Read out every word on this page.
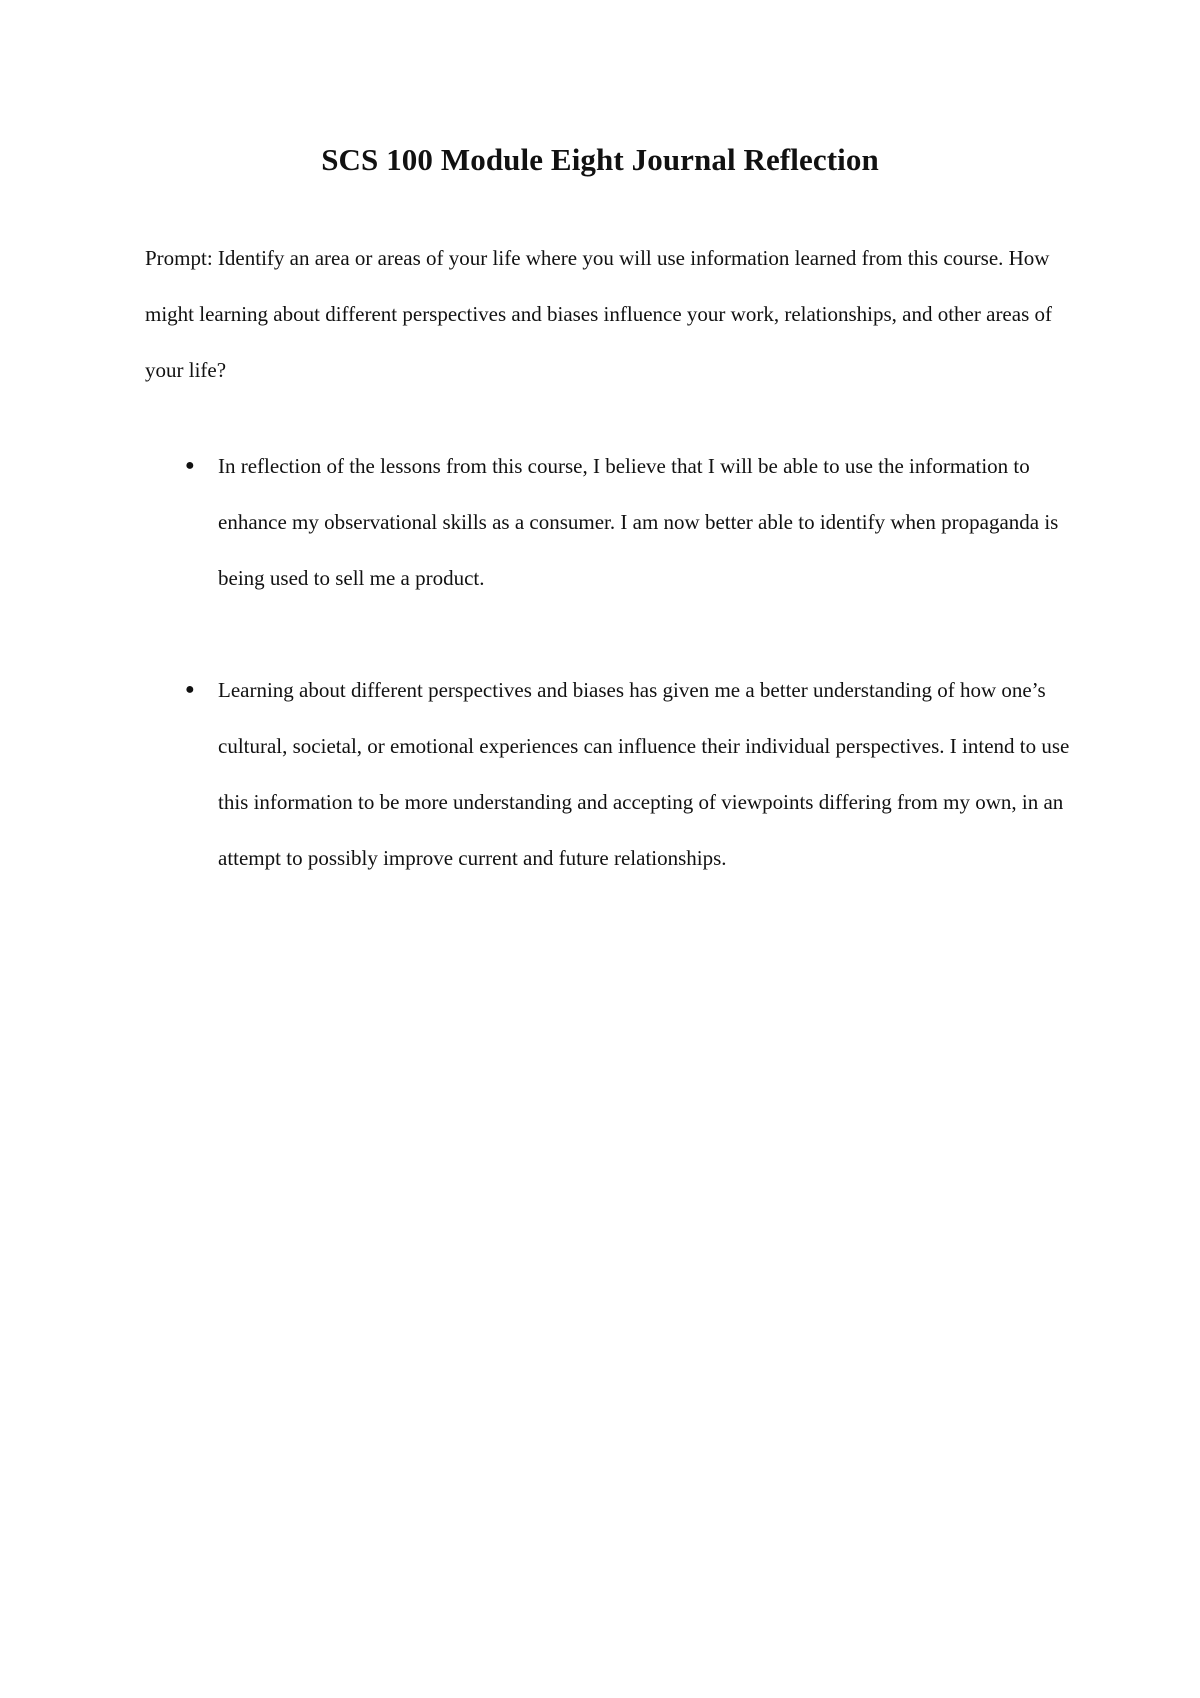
SCS 100 Module Eight Journal Reflection

Prompt: Identify an area or areas of your life where you will use information learned from this course. How might learning about different perspectives and biases influence your work, relationships, and other areas of your life?

● In reflection of the lessons from this course, I believe that I will be able to use the information to enhance my observational skills as a consumer. I am now better able to identify when propaganda is being used to sell me a product.
● Learning about different perspectives and biases has given me a better understanding of how one’s cultural, societal, or emotional experiences can influence their individual perspectives. I intend to use this information to be more understanding and accepting of viewpoints differing from my own, in an attempt to possibly improve current and future relationships.
